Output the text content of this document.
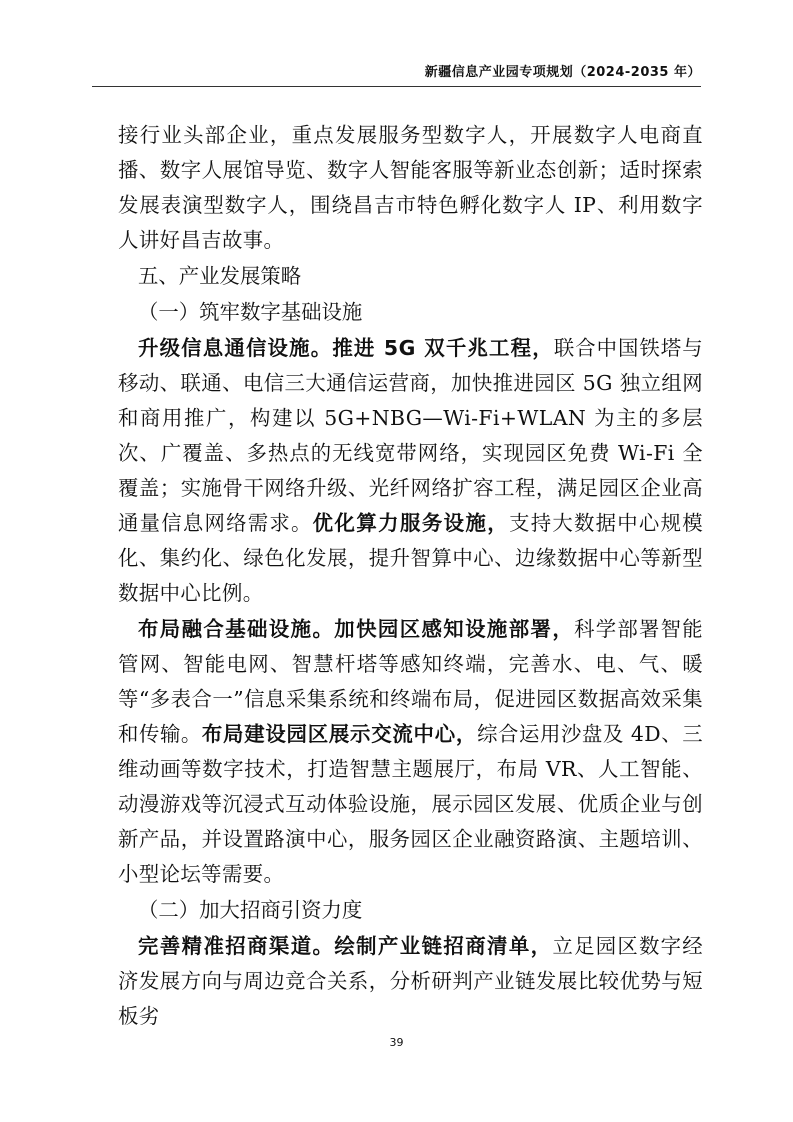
新疆信息产业园专项规划（2024-2035 年）

接行业头部企业，重点发展服务型数字人，开展数字人电商直播、数字人展馆导览、数字人智能客服等新业态创新；适时探索发展表演型数字人，围绕昌吉市特色孵化数字人 IP、利用数字人讲好昌吉故事。

五、产业发展策略

（一）筑牢数字基础设施

升级信息通信设施。推进 5G 双千兆工程，联合中国铁塔与移动、联通、电信三大通信运营商，加快推进园区 5G 独立组网和商用推广，构建以 5G+NBG—Wi-Fi+WLAN 为主的多层次、广覆盖、多热点的无线宽带网络，实现园区免费 Wi-Fi 全覆盖；实施骨干网络升级、光纤网络扩容工程，满足园区企业高通量信息网络需求。优化算力服务设施，支持大数据中心规模化、集约化、绿色化发展，提升智算中心、边缘数据中心等新型数据中心比例。

布局融合基础设施。加快园区感知设施部署，科学部署智能管网、智能电网、智慧杆塔等感知终端，完善水、电、气、暖等“多表合一”信息采集系统和终端布局，促进园区数据高效采集和传输。布局建设园区展示交流中心，综合运用沙盘及 4D、三维动画等数字技术，打造智慧主题展厅，布局 VR、人工智能、动漫游戏等沉浸式互动体验设施，展示园区发展、优质企业与创新产品，并设置路演中心，服务园区企业融资路演、主题培训、小型论坛等需要。

（二）加大招商引资力度

完善精准招商渠道。绘制产业链招商清单，立足园区数字经济发展方向与周边竞合关系，分析研判产业链发展比较优势与短板劣

39
